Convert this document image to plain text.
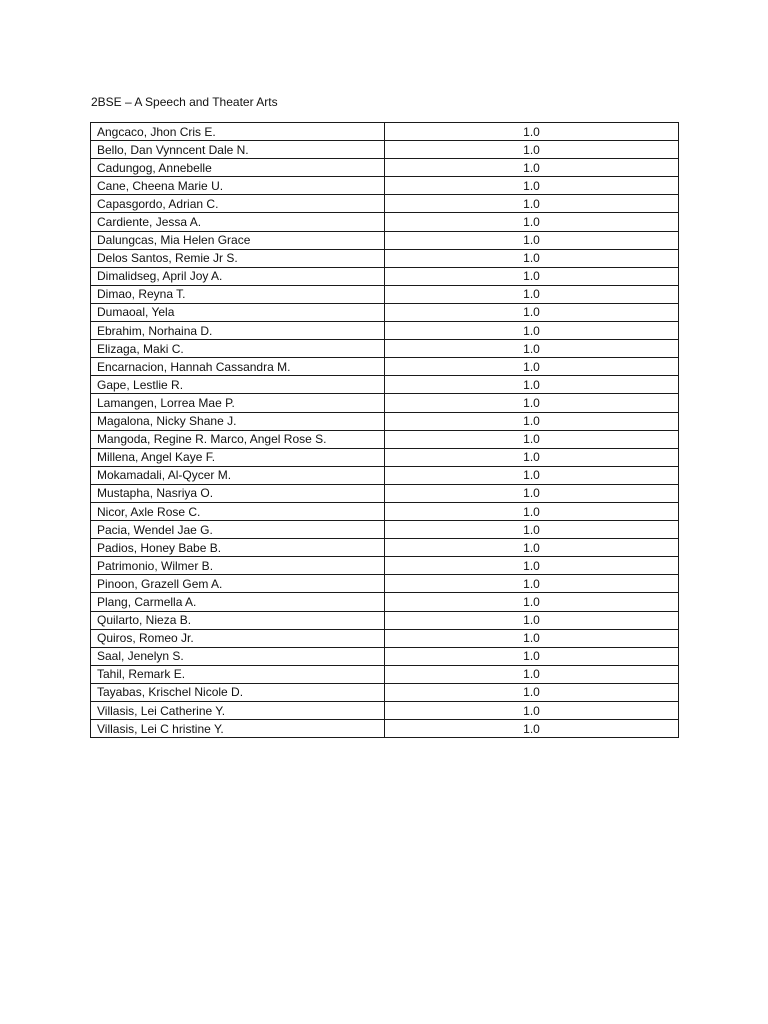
2BSE – A Speech and Theater Arts
Angcaco, Jhon Cris E.	1.0
Bello, Dan Vynncent Dale N.	1.0
Cadungog, Annebelle	1.0
Cane, Cheena Marie U.	1.0
Capasgordo, Adrian C.	1.0
Cardiente, Jessa A.	1.0
Dalungcas, Mia Helen Grace	1.0
Delos Santos, Remie Jr S.	1.0
Dimalidseg, April Joy A.	1.0
Dimao, Reyna T.	1.0
Dumaoal, Yela	1.0
Ebrahim, Norhaina D.	1.0
Elizaga, Maki C.	1.0
Encarnacion, Hannah Cassandra M.	1.0
Gape, Lestlie R.	1.0
Lamangen, Lorrea Mae P.	1.0
Magalona, Nicky Shane J.	1.0
Mangoda, Regine R. Marco, Angel Rose S.	1.0
Millena, Angel Kaye F.	1.0
Mokamadali, Al-Qycer M.	1.0
Mustapha, Nasriya O.	1.0
Nicor, Axle Rose C.	1.0
Pacia, Wendel Jae G.	1.0
Padios, Honey Babe B.	1.0
Patrimonio, Wilmer B.	1.0
Pinoon, Grazell Gem A.	1.0
Plang, Carmella A.	1.0
Quilarto, Nieza B.	1.0
Quiros, Romeo Jr.	1.0
Saal, Jenelyn S.	1.0
Tahil, Remark E.	1.0
Tayabas, Krischel Nicole D.	1.0
Villasis, Lei Catherine Y.	1.0
Villasis, Lei C hristine Y.	1.0
